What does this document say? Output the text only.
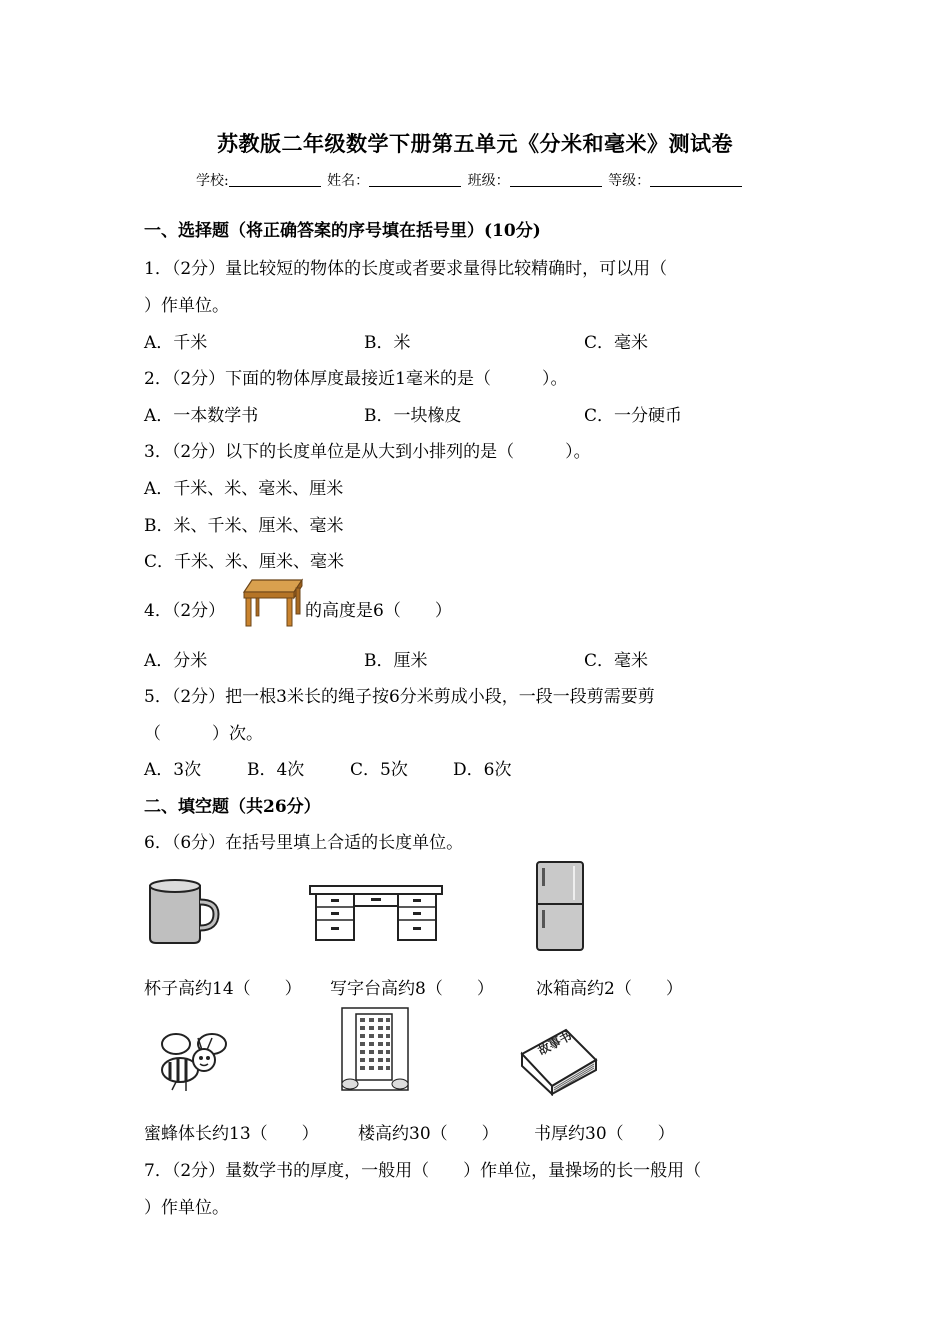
苏教版二年级数学下册第五单元《分米和毫米》测试卷
学校:	姓名：	班级：	等级：
一、选择题（将正确答案的序号填在括号里）(10分)
1．（2分）量比较短的物体的长度或者要求量得比较精确时，可以用（
）作单位。
A．千米	B．米	C．毫米
2．（2分）下面的物体厚度最接近1毫米的是（　　　）。
A．一本数学书	B．一块橡皮	C．一分硬币
3．（2分）以下的长度单位是从大到小排列的是（　　　）。
A．千米、米、毫米、厘米
B．米、千米、厘米、毫米
C．千米、米、厘米、毫米
4．（2分）	的高度是6（　　）
A．分米	B．厘米	C．毫米
5．（2分）把一根3米长的绳子按6分米剪成小段，一段一段剪需要剪
（　　　）次。
A．3次	B．4次	C．5次	D．6次
二、填空题（共26分）
6．（6分）在括号里填上合适的长度单位。
杯子高约14（　　） 写字台高约8（　　） 冰箱高约2（　　）
故事书
蜜蜂体长约13（　　） 楼高约30（　　） 书厚约30（　　）
7．（2分）量数学书的厚度，一般用（　　）作单位，量操场的长一般用（
）作单位。
